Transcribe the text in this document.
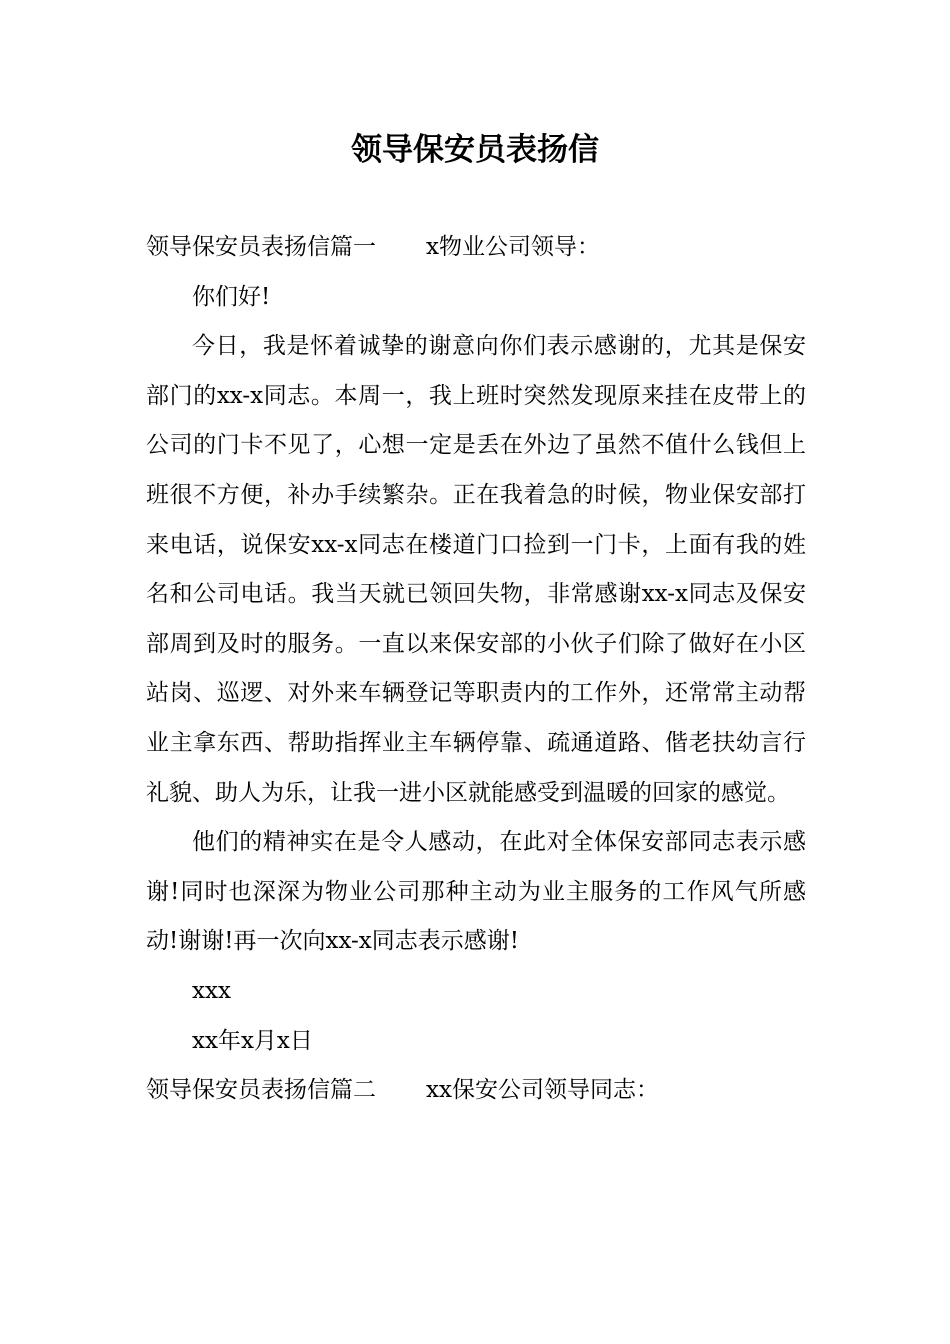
领导保安员表扬信

领导保安员表扬信篇一 x物业公司领导：

你们好!

今日，我是怀着诚挚的谢意向你们表示感谢的，尤其是保安部门的xx-x同志。本周一，我上班时突然发现原来挂在皮带上的公司的门卡不见了，心想一定是丢在外边了虽然不值什么钱但上班很不方便，补办手续繁杂。正在我着急的时候，物业保安部打来电话，说保安xx-x同志在楼道门口捡到一门卡，上面有我的姓名和公司电话。我当天就已领回失物，非常感谢xx-x同志及保安部周到及时的服务。一直以来保安部的小伙子们除了做好在小区站岗、巡逻、对外来车辆登记等职责内的工作外，还常常主动帮业主拿东西、帮助指挥业主车辆停靠、疏通道路、偕老扶幼言行礼貌、助人为乐，让我一进小区就能感受到温暖的回家的感觉。

他们的精神实在是令人感动，在此对全体保安部同志表示感谢!同时也深深为物业公司那种主动为业主服务的工作风气所感动!谢谢!再一次向xx-x同志表示感谢!

xxx

xx年x月x日

领导保安员表扬信篇二 xx保安公司领导同志：
